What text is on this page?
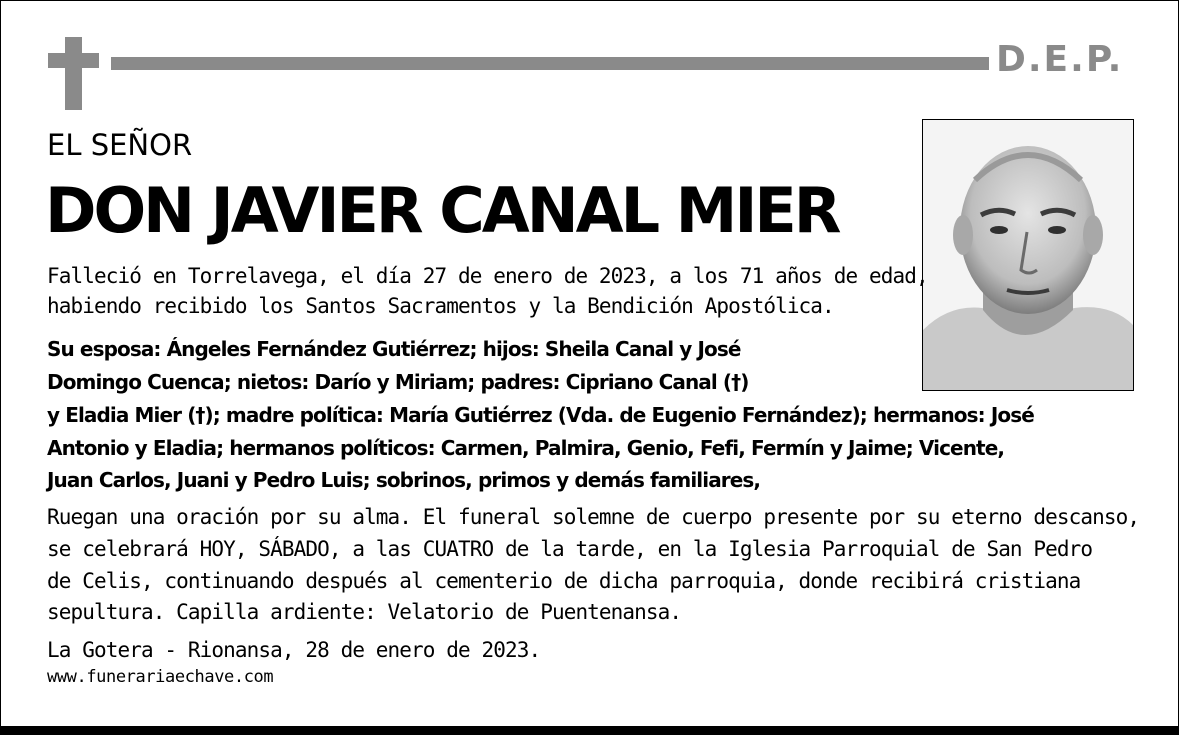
D.E.P.
EL SEÑOR
DON JAVIER CANAL MIER
Falleció en Torrelavega, el día 27 de enero de 2023, a los 71 años de edad,
habiendo recibido los Santos Sacramentos y la Bendición Apostólica.
Su esposa: Ángeles Fernández Gutiérrez; hijos: Sheila Canal y José
Domingo Cuenca; nietos: Darío y Miriam; padres: Cipriano Canal (†)
y Eladia Mier (†); madre política: María Gutiérrez (Vda. de Eugenio Fernández); hermanos: José
Antonio y Eladia; hermanos políticos: Carmen, Palmira, Genio, Fefi, Fermín y Jaime; Vicente,
Juan Carlos, Juani y Pedro Luis; sobrinos, primos y demás familiares,
Ruegan una oración por su alma. El funeral solemne de cuerpo presente por su eterno descanso,
se celebrará HOY, SÁBADO, a las CUATRO de la tarde, en la Iglesia Parroquial de San Pedro
de Celis, continuando después al cementerio de dicha parroquia, donde recibirá cristiana
sepultura. Capilla ardiente: Velatorio de Puentenansa.
La Gotera - Rionansa, 28 de enero de 2023.
www.funerariaechave.com
